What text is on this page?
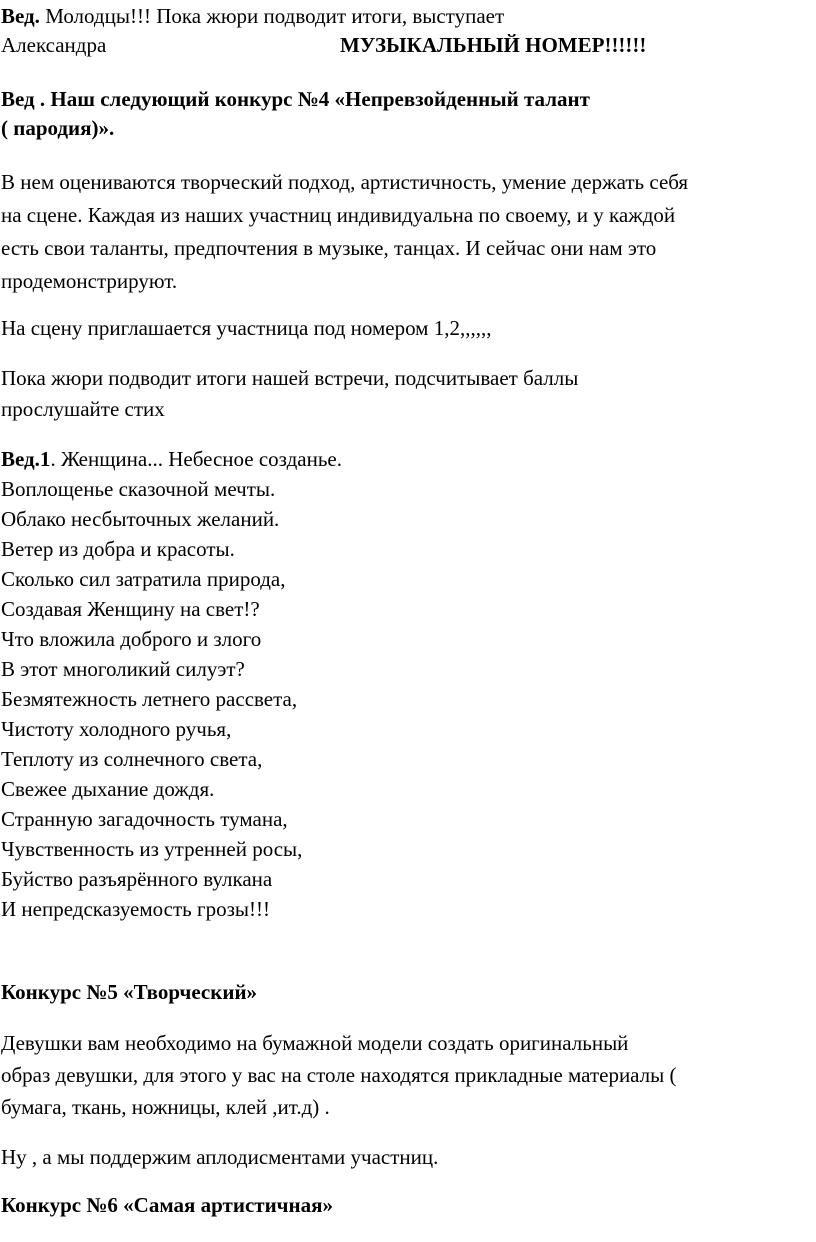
Вед. Молодцы!!! Пока жюри подводит итоги, выступает
Александра	МУЗЫКАЛЬНЫЙ НОМЕР!!!!!!
Вед . Наш следующий конкурс №4 «Непревзойденный талант
( пародия)».
В нем оцениваются творческий подход, артистичность, умение держать себя
на сцене. Каждая из наших участниц индивидуальна по своему, и у каждой
есть свои таланты, предпочтения в музыке, танцах. И сейчас они нам это
продемонстрируют.
На сцену приглашается участница под номером 1,2,,,,,,
Пока жюри подводит итоги нашей встречи, подсчитывает баллы
прослушайте стих
Вед.1. Женщина... Небесное созданье.
Воплощенье сказочной мечты.
Облако несбыточных желаний.
Ветер из добра и красоты.
Сколько сил затратила природа,
Создавая Женщину на свет!?
Что вложила доброго и злого
В этот многоликий силуэт?
Безмятежность летнего рассвета,
Чистоту холодного ручья,
Теплоту из солнечного света,
Свежее дыхание дождя.
Странную загадочность тумана,
Чувственность из утренней росы,
Буйство разъярённого вулкана
И непредсказуемость грозы!!!
Конкурс №5 «Творческий»
Девушки вам необходимо на бумажной модели создать оригинальный
образ девушки, для этого у вас на столе находятся прикладные материалы (
бумага, ткань, ножницы, клей ,ит.д) .
Ну , а мы поддержим аплодисментами участниц.
Конкурс №6 «Самая артистичная»
